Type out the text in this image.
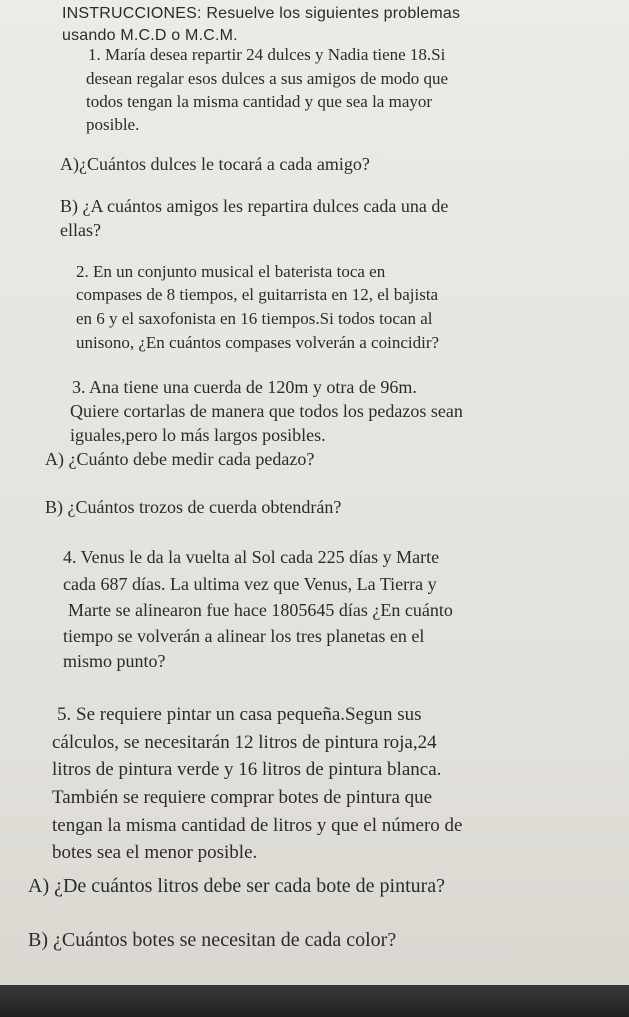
INSTRUCCIONES: Resuelve los siguientes problemas
usando M.C.D o M.C.M.
1. María desea repartir 24 dulces y Nadia tiene 18.Si
desean regalar esos dulces a sus amigos de modo que
todos tengan la misma cantidad y que sea la mayor
posible.
A)¿Cuántos dulces le tocará a cada amigo?
B) ¿A cuántos amigos les repartira dulces cada una de
ellas?
2. En un conjunto musical el baterista toca en
compases de 8 tiempos, el guitarrista en 12, el bajista
en 6 y el saxofonista en 16 tiempos.Si todos tocan al
unisono, ¿En cuántos compases volverán a coincidir?
3. Ana tiene una cuerda de 120m y otra de 96m.
Quiere cortarlas de manera que todos los pedazos sean
iguales,pero lo más largos posibles.
A) ¿Cuánto debe medir cada pedazo?
B) ¿Cuántos trozos de cuerda obtendrán?
4. Venus le da la vuelta al Sol cada 225 días y Marte
cada 687 días. La ultima vez que Venus, La Tierra y
Marte se alinearon fue hace 1805645 días ¿En cuánto
tiempo se volverán a alinear los tres planetas en el
mismo punto?
5. Se requiere pintar un casa pequeña.Segun sus
cálculos, se necesitarán 12 litros de pintura roja,24
litros de pintura verde y 16 litros de pintura blanca.
También se requiere comprar botes de pintura que
tengan la misma cantidad de litros y que el número de
botes sea el menor posible.
A) ¿De cuántos litros debe ser cada bote de pintura?
B) ¿Cuántos botes se necesitan de cada color?
